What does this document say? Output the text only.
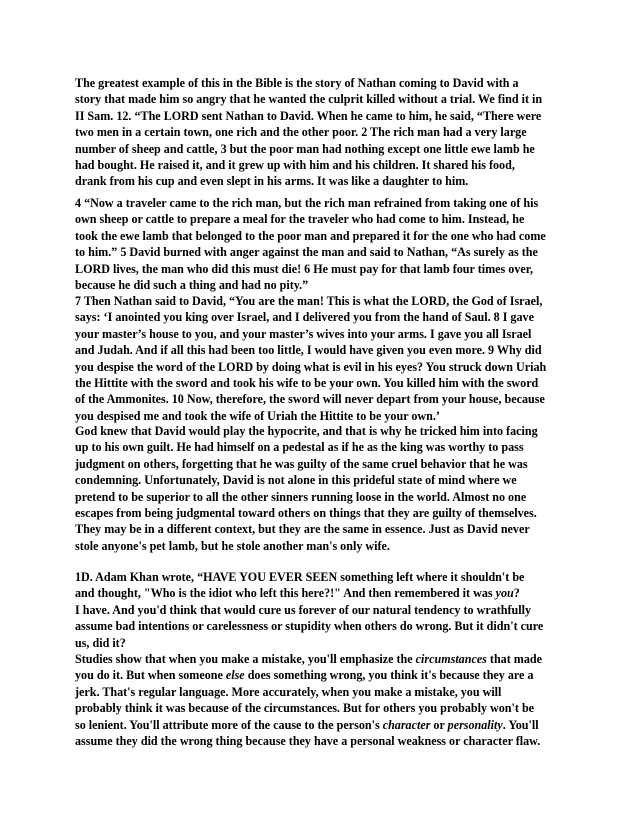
The greatest example of this in the Bible is the story of Nathan coming to David with a
story that made him so angry that he wanted the culprit killed without a trial. We find it in
II Sam. 12. “The LORD sent Nathan to David. When he came to him, he said, “There were
two men in a certain town, one rich and the other poor. 2 The rich man had a very large
number of sheep and cattle, 3 but the poor man had nothing except one little ewe lamb he
had bought. He raised it, and it grew up with him and his children. It shared his food,
drank from his cup and even slept in his arms. It was like a daughter to him.

4 “Now a traveler came to the rich man, but the rich man refrained from taking one of his
own sheep or cattle to prepare a meal for the traveler who had come to him. Instead, he
took the ewe lamb that belonged to the poor man and prepared it for the one who had come
to him.” 5 David burned with anger against the man and said to Nathan, “As surely as the
LORD lives, the man who did this must die! 6 He must pay for that lamb four times over,
because he did such a thing and had no pity.”

7 Then Nathan said to David, “You are the man! This is what the LORD, the God of Israel,
says: ‘I anointed you king over Israel, and I delivered you from the hand of Saul. 8 I gave
your master’s house to you, and your master’s wives into your arms. I gave you all Israel
and Judah. And if all this had been too little, I would have given you even more. 9 Why did
you despise the word of the LORD by doing what is evil in his eyes? You struck down Uriah
the Hittite with the sword and took his wife to be your own. You killed him with the sword
of the Ammonites. 10 Now, therefore, the sword will never depart from your house, because
you despised me and took the wife of Uriah the Hittite to be your own.’

God knew that David would play the hypocrite, and that is why he tricked him into facing
up to his own guilt. He had himself on a pedestal as if he as the king was worthy to pass
judgment on others, forgetting that he was guilty of the same cruel behavior that he was
condemning. Unfortunately, David is not alone in this prideful state of mind where we
pretend to be superior to all the other sinners running loose in the world. Almost no one
escapes from being judgmental toward others on things that they are guilty of themselves.
They may be in a different context, but they are the same in essence. Just as David never
stole anyone's pet lamb, but he stole another man's only wife.

1D. Adam Khan wrote, “HAVE YOU EVER SEEN something left where it shouldn't be
and thought, "Who is the idiot who left this here?!" And then remembered it was you?
I have. And you'd think that would cure us forever of our natural tendency to wrathfully
assume bad intentions or carelessness or stupidity when others do wrong. But it didn't cure
us, did it?

Studies show that when you make a mistake, you'll emphasize the circumstances that made
you do it. But when someone else does something wrong, you think it's because they are a
jerk. That's regular language. More accurately, when you make a mistake, you will
probably think it was because of the circumstances. But for others you probably won't be
so lenient. You'll attribute more of the cause to the person's character or personality. You'll
assume they did the wrong thing because they have a personal weakness or character flaw.
